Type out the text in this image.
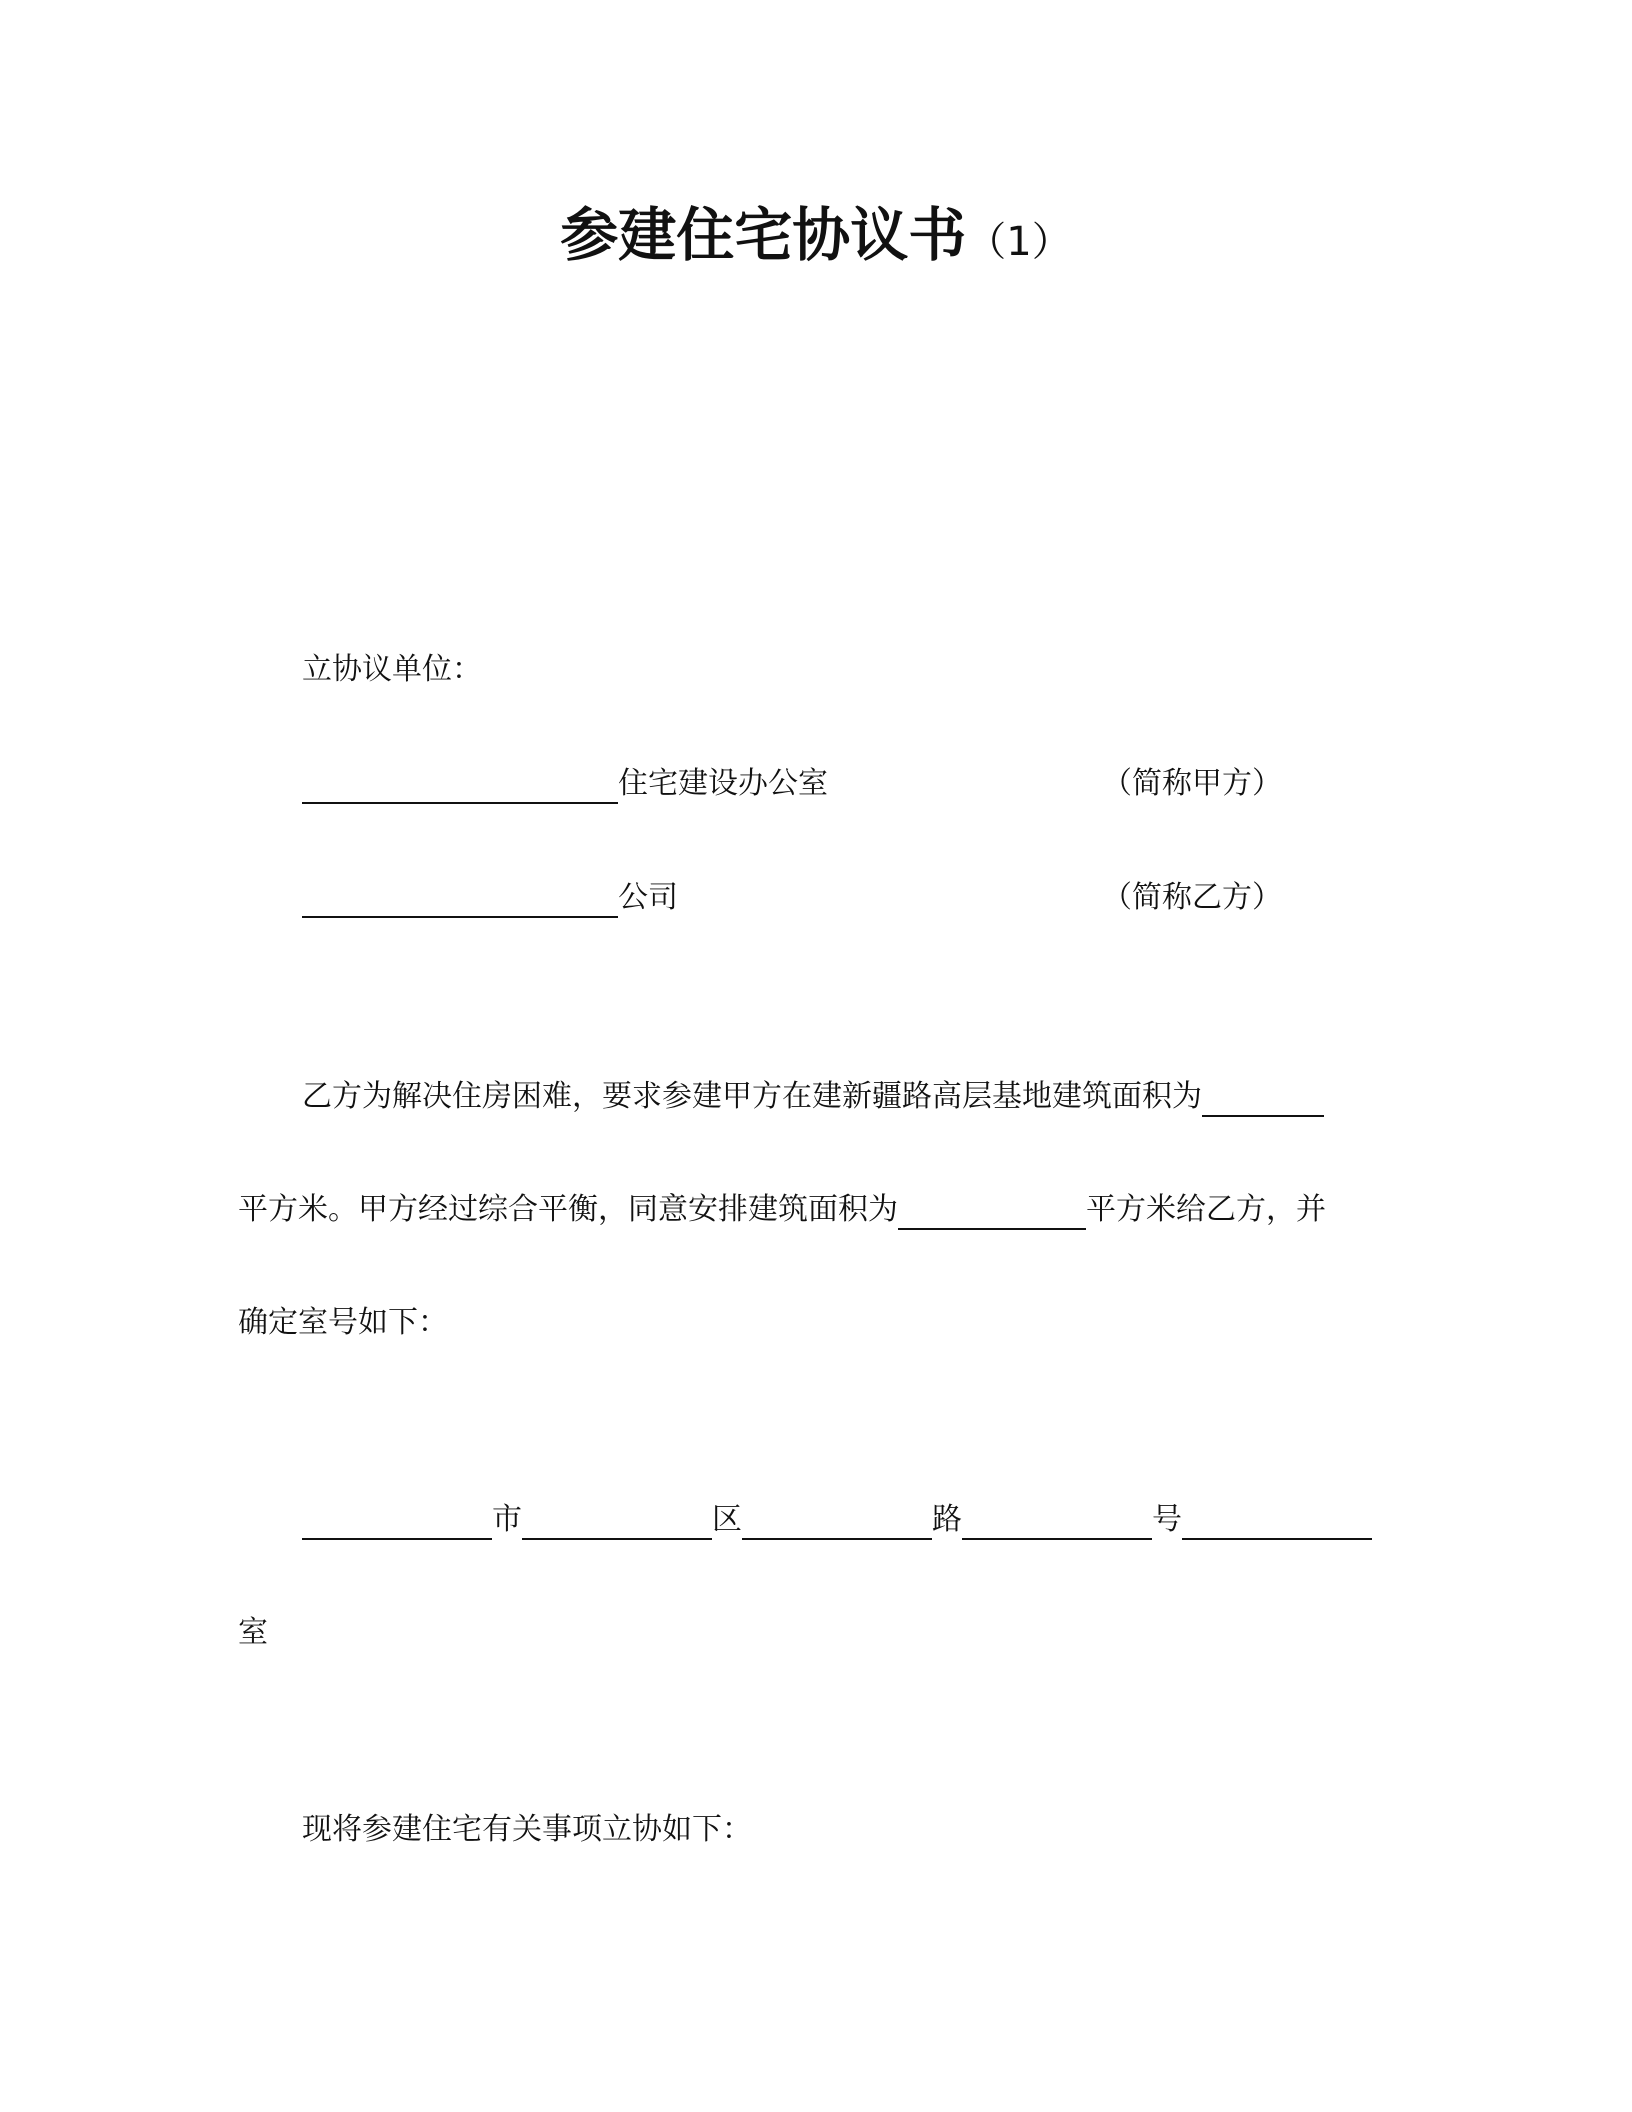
参建住宅协议书（1）
立协议单位：
住宅建设办公室	（简称甲方）
公司	（简称乙方）
乙方为解决住房困难，要求参建甲方在建新疆路高层基地建筑面积为
平方米。甲方经过综合平衡，同意安排建筑面积为	平方米给乙方，并
确定室号如下：
市	区	路	号
室
现将参建住宅有关事项立协如下：
